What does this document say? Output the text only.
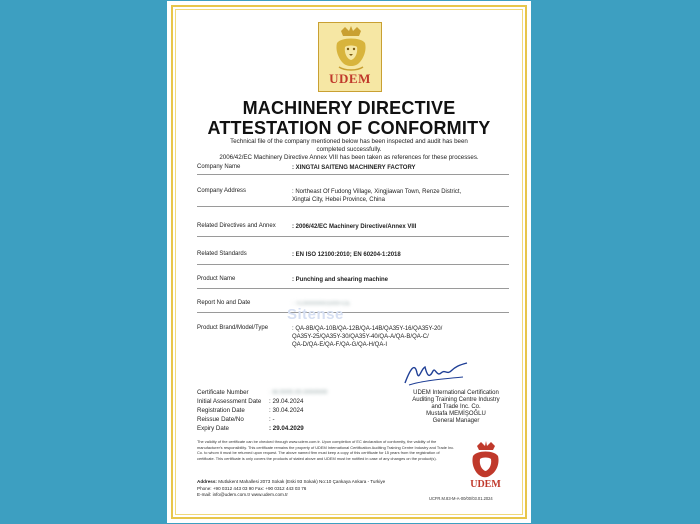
UDEM
MACHINERY DIRECTIVE
ATTESTATION OF CONFORMITY
Technical file of the company mentioned below has been inspected and audit has been
completed successfully.
2006/42/EC Machinery Directive Annex VIII has been taken as references for these processes.
Company Name	: XINGTAI SAITENG MACHINERY FACTORY
Company Address	: Northeast Of Fudong Village, Xingjiawan Town, Renze District,
Xingtai City, Hebei Province, China
Related Directives and Annex	: 2006/42/EC Machinery Directive/Annex VIII
Related Standards	: EN ISO 12100:2010; EN 60204-1:2018
Product Name	: Punching and shearing machine
Report No and Date	: TC00000001000-CE
Sitense
Product Brand/Model/Type	: QA-8B/QA-10B/QA-12B/QA-14B/QA35Y-16/QA35Y-20/
QA35Y-25/QA35Y-30/QA35Y-40/QA-A/QA-B/QA-C/
QA-D/QA-E/QA-F/QA-G/QA-H/QA-I
Certificate Number	: M.0000.00.0000000
Initial Assessment Date : 29.04.2024
Registration Date	: 30.04.2024
Reissue Date/No	: -
Expiry Date	: 29.04.2029
UDEM International Certification
Auditing Training Centre Industry
and Trade Inc. Co.
Mustafa MEMİŞOĞLU
General Manager
The validity of the certificate can be checked through www.udem.com.tr. Upon completion of EC declaration of conformity, the validity of the manufacturer's responsibility. This certificate remains the property of UDEM International Certification Auditing Training Centre Industry and Trade Inc. Co. to whom it must be returned upon request. The above named firm must keep a copy of this certificate for 15 years from the registration of certificate. This certificate is only covers the products of stated above and UDEM must be notified in case of any changes on the product(s).
UDEM
Address: Mutlukent Mahallesi 2073 Sokak (Eski 93 Sokak) No:10 Çankaya Ankara - Turkiye
Phone: +90 0312 443 03 90 Fax: +90 0312 443 03 76
E-mail: info@udem.com.tr www.udem.com.tr
UCFR.M.83-M-A-00/00/03.01.2024
